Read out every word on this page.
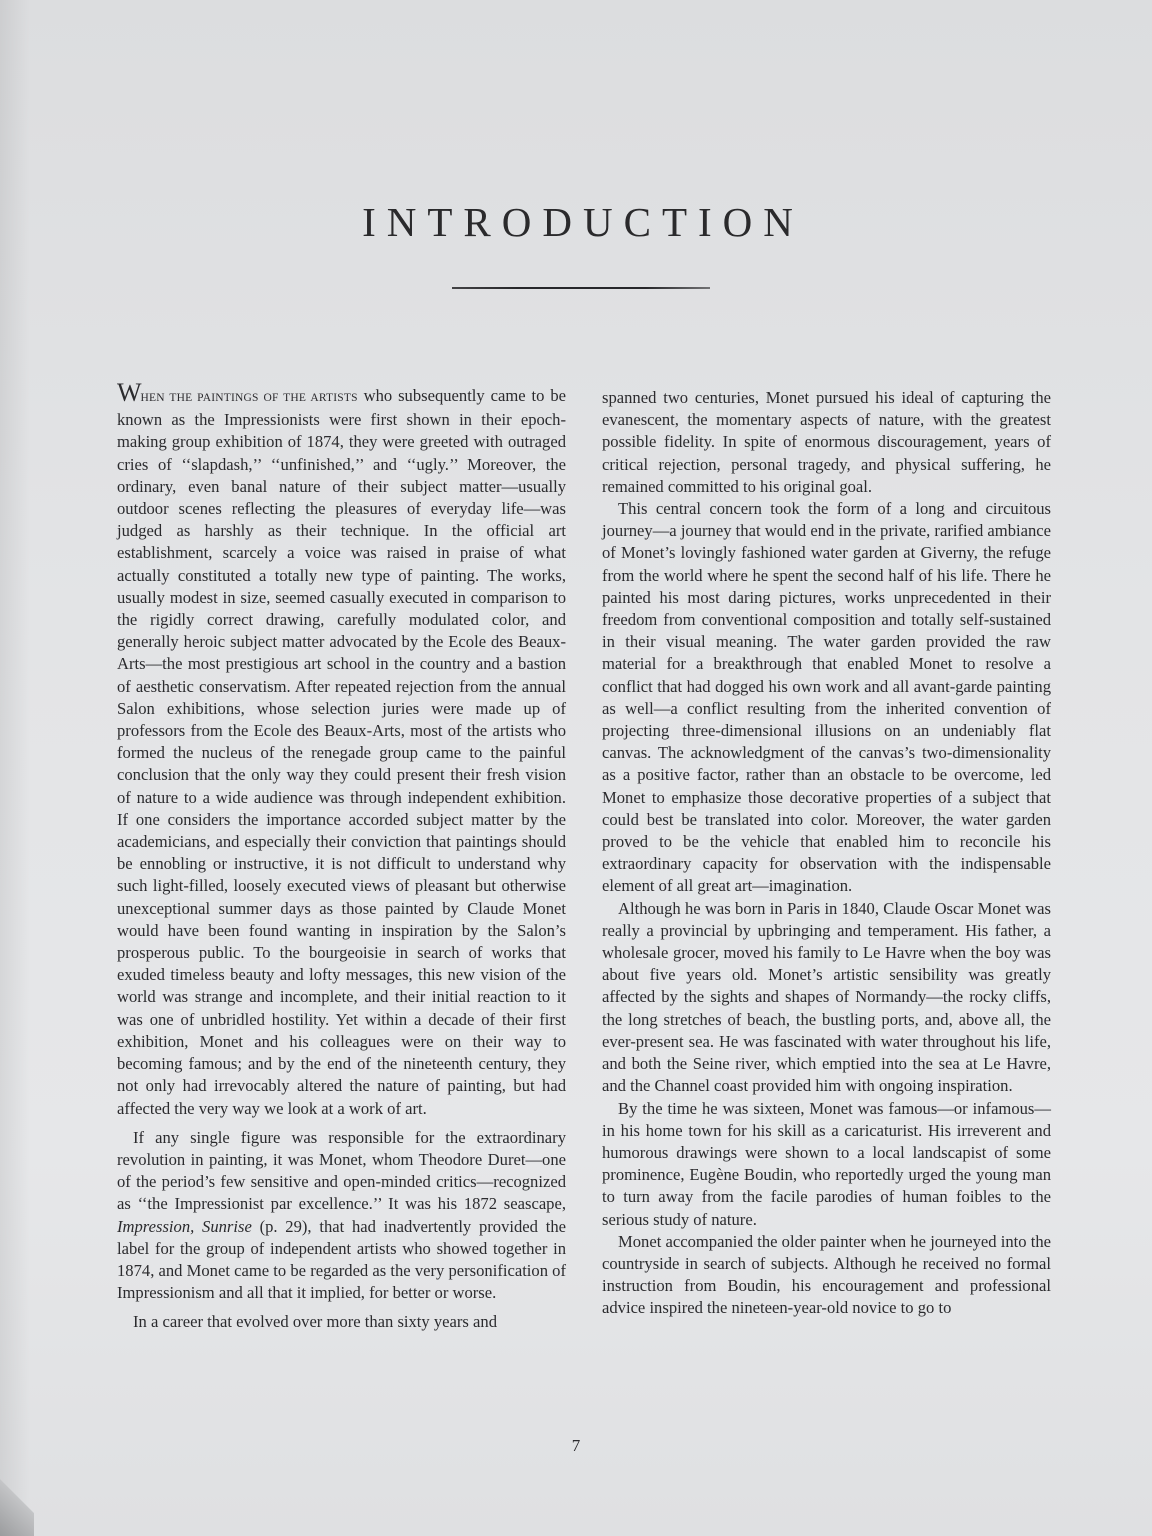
INTRODUCTION

WHEN THE PAINTINGS OF THE ARTISTS who subsequently came to be known as the Impressionists were first shown in their epoch-making group exhibition of 1874, they were greeted with outraged cries of ‘‘slapdash,’’ ‘‘unfinished,’’ and ‘‘ugly.’’ Moreover, the ordinary, even banal nature of their subject matter—usually outdoor scenes reflecting the pleasures of everyday life—was judged as harshly as their technique. In the official art establishment, scarcely a voice was raised in praise of what actually constituted a totally new type of painting. The works, usually modest in size, seemed casually executed in comparison to the rigidly correct drawing, carefully modulated color, and generally heroic subject matter advocated by the Ecole des Beaux-Arts—the most prestigious art school in the country and a bastion of aesthetic conservatism. After repeated rejection from the annual Salon exhibitions, whose selection juries were made up of professors from the Ecole des Beaux-Arts, most of the artists who formed the nucleus of the renegade group came to the painful conclusion that the only way they could present their fresh vision of nature to a wide audience was through independent exhibition. If one considers the importance accorded subject matter by the academicians, and especially their conviction that paintings should be ennobling or instructive, it is not difficult to understand why such light-filled, loosely executed views of pleasant but otherwise unexceptional summer days as those painted by Claude Monet would have been found wanting in inspiration by the Salon’s prosperous public. To the bourgeoisie in search of works that exuded timeless beauty and lofty messages, this new vision of the world was strange and incomplete, and their initial reaction to it was one of unbridled hostility. Yet within a decade of their first exhibition, Monet and his colleagues were on their way to becoming famous; and by the end of the nineteenth century, they not only had irrevocably altered the nature of painting, but had affected the very way we look at a work of art.

If any single figure was responsible for the extraordinary revolution in painting, it was Monet, whom Theodore Duret—one of the period’s few sensitive and open-minded critics—recognized as ‘‘the Impressionist par excellence.’’ It was his 1872 seascape, Impression, Sunrise (p. 29), that had inadvertently provided the label for the group of independent artists who showed together in 1874, and Monet came to be regarded as the very personification of Impressionism and all that it implied, for better or worse.

In a career that evolved over more than sixty years and

spanned two centuries, Monet pursued his ideal of capturing the evanescent, the momentary aspects of nature, with the greatest possible fidelity. In spite of enormous discouragement, years of critical rejection, personal tragedy, and physical suffering, he remained committed to his original goal.

This central concern took the form of a long and circuitous journey—a journey that would end in the private, rarified ambiance of Monet’s lovingly fashioned water garden at Giverny, the refuge from the world where he spent the second half of his life. There he painted his most daring pictures, works unprecedented in their freedom from conventional composition and totally self-sustained in their visual meaning. The water garden provided the raw material for a breakthrough that enabled Monet to resolve a conflict that had dogged his own work and all avant-garde painting as well—a conflict resulting from the inherited convention of projecting three-dimensional illusions on an undeniably flat canvas. The acknowledgment of the canvas’s two-dimensionality as a positive factor, rather than an obstacle to be overcome, led Monet to emphasize those decorative properties of a subject that could best be translated into color. Moreover, the water garden proved to be the vehicle that enabled him to reconcile his extraordinary capacity for observation with the indispensable element of all great art—imagination.

Although he was born in Paris in 1840, Claude Oscar Monet was really a provincial by upbringing and temperament. His father, a wholesale grocer, moved his family to Le Havre when the boy was about five years old. Monet’s artistic sensibility was greatly affected by the sights and shapes of Normandy—the rocky cliffs, the long stretches of beach, the bustling ports, and, above all, the ever-present sea. He was fascinated with water throughout his life, and both the Seine river, which emptied into the sea at Le Havre, and the Channel coast provided him with ongoing inspiration.

By the time he was sixteen, Monet was famous—or infamous—in his home town for his skill as a caricaturist. His irreverent and humorous drawings were shown to a local landscapist of some prominence, Eugène Boudin, who reportedly urged the young man to turn away from the facile parodies of human foibles to the serious study of nature.

Monet accompanied the older painter when he journeyed into the countryside in search of subjects. Although he received no formal instruction from Boudin, his encouragement and professional advice inspired the nineteen-year-old novice to go to

7
